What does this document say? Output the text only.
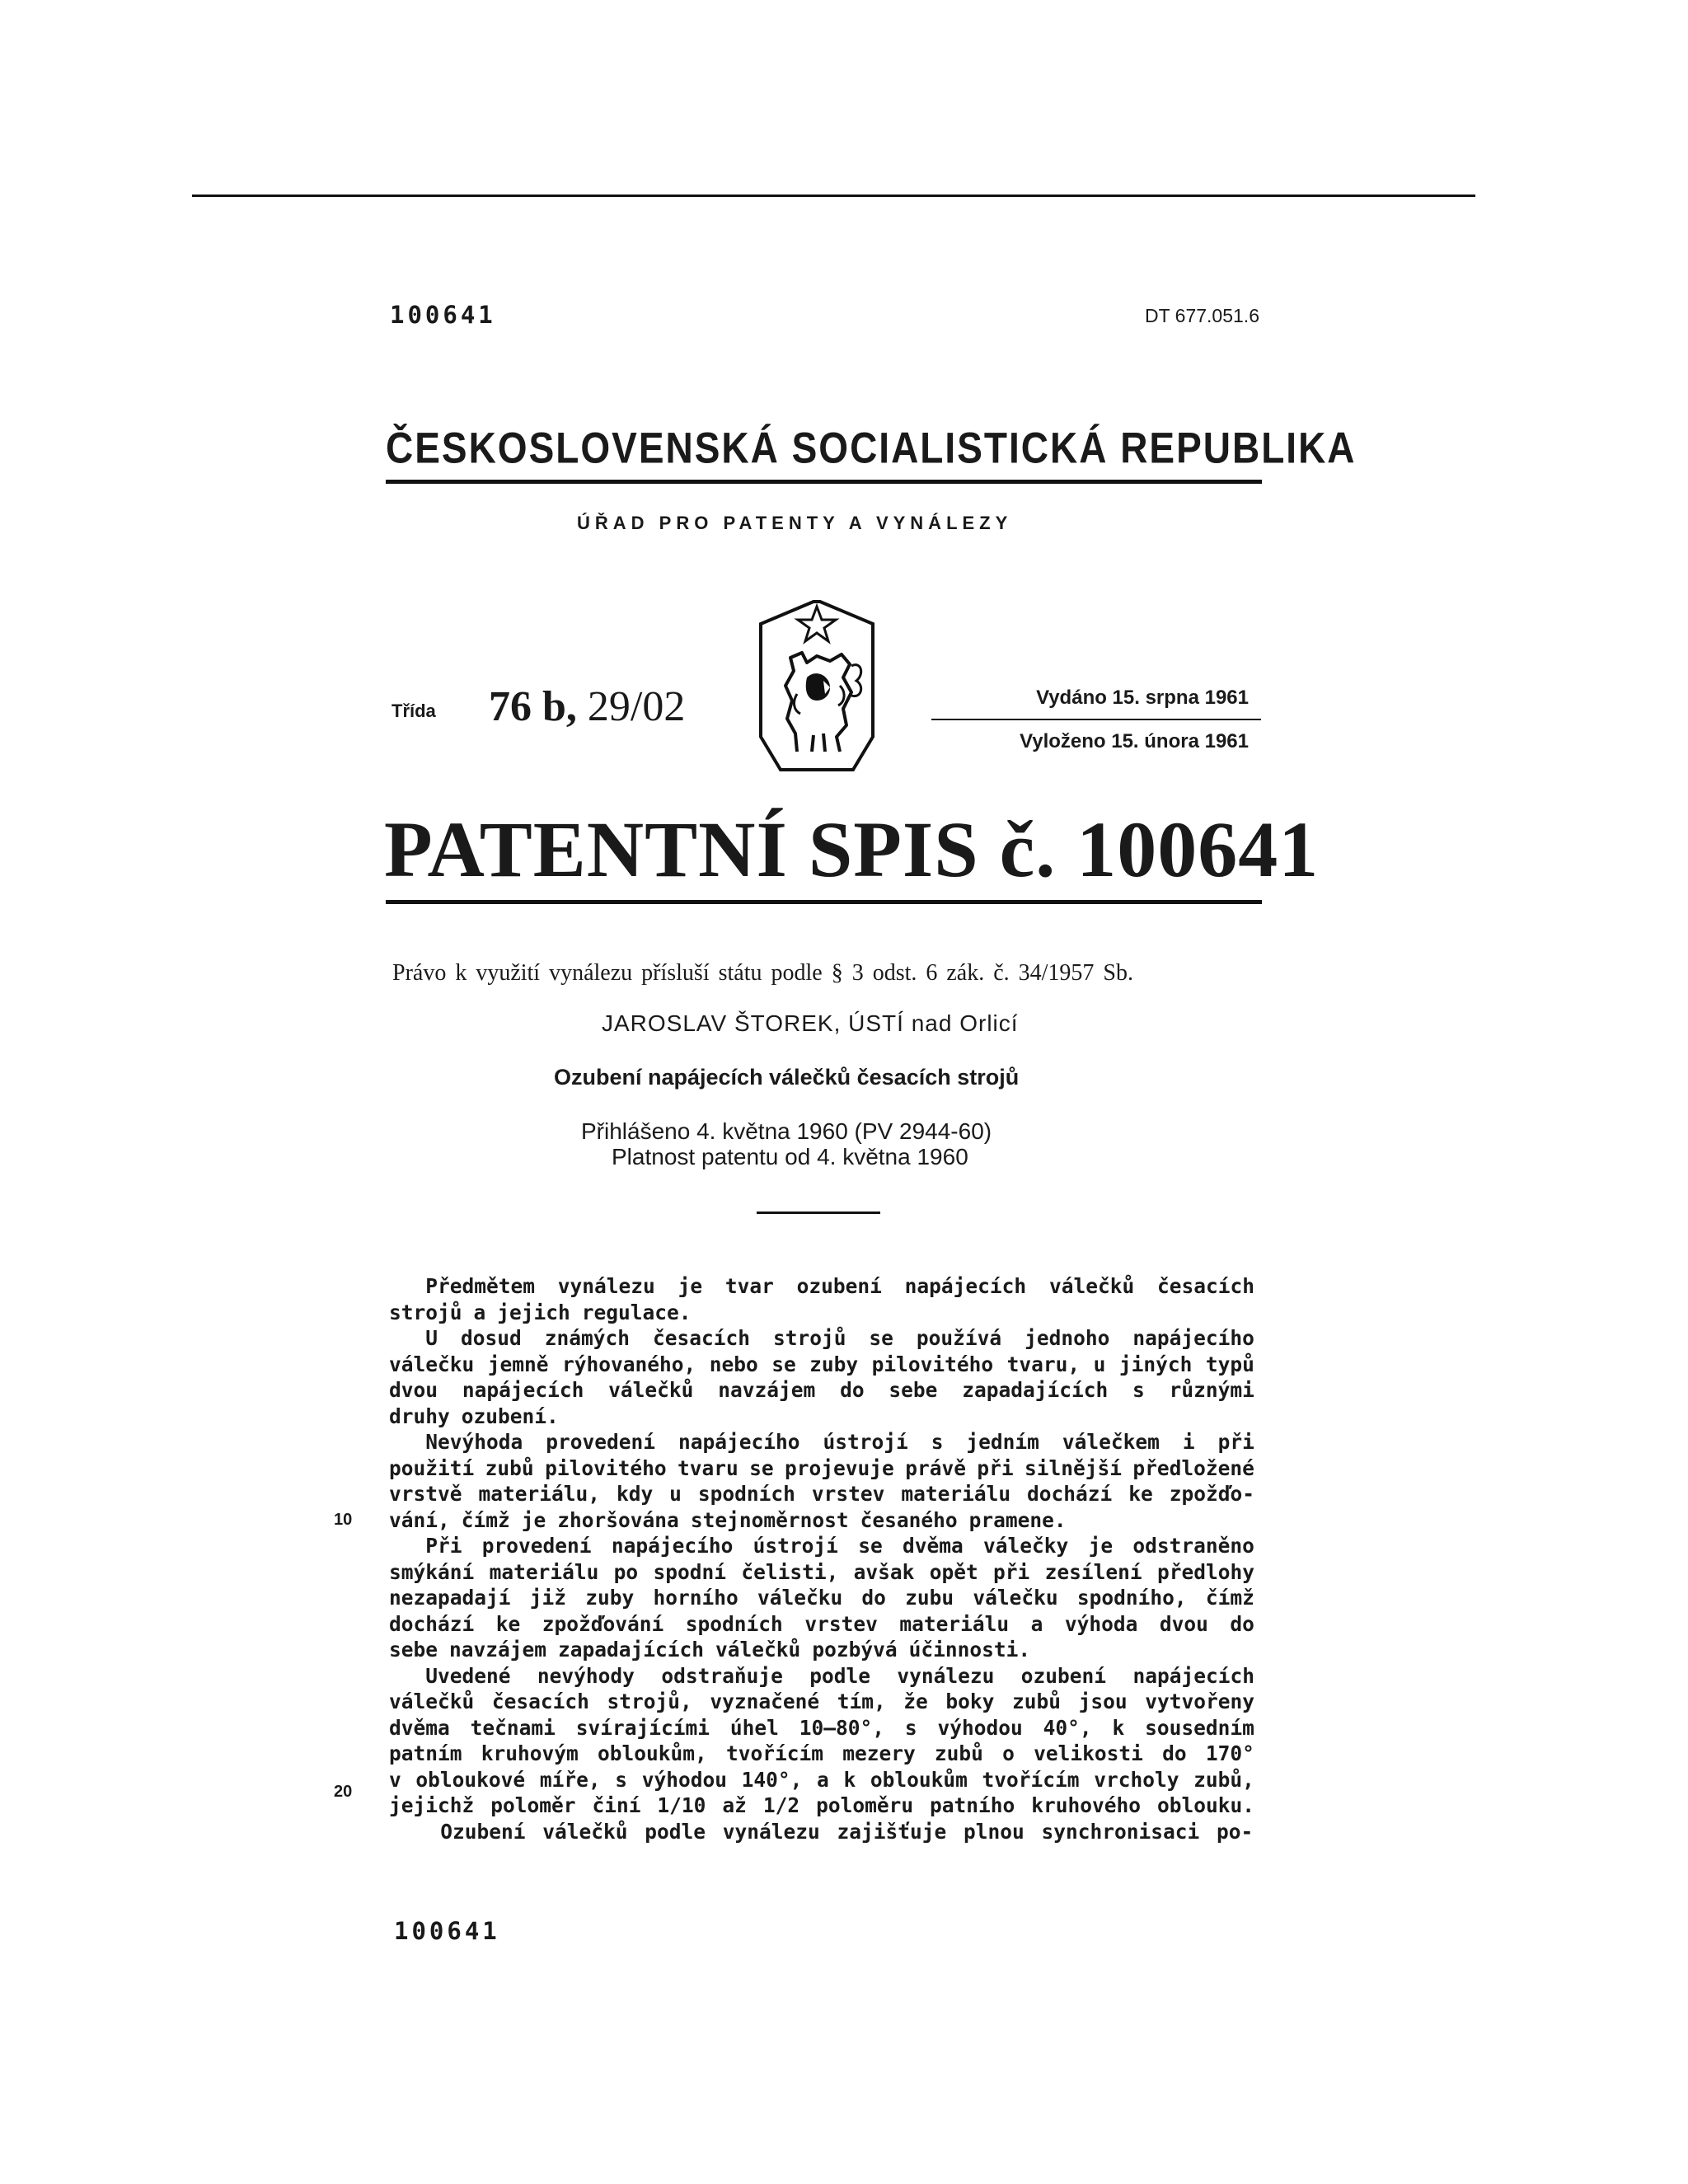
100641	DT 677.051.6
ČESKOSLOVENSKÁ SOCIALISTICKÁ REPUBLIKA
ÚŘAD PRO PATENTY A VYNÁLEZY
Třída 76 b, 29/02	Vydáno 15. srpna 1961
Vyloženo 15. února 1961
PATENTNÍ SPIS č. 100641
Právo k využití vynálezu přísluší státu podle § 3 odst. 6 zák. č. 34/1957 Sb.
JAROSLAV ŠTOREK, ÚSTÍ nad Orlicí
Ozubení napájecích válečků česacích strojů
Přihlášeno 4. května 1960 (PV 2944-60)
Platnost patentu od 4. května 1960
Předmětem vynálezu je tvar ozubení napájecích válečků česacích
strojů a jejich regulace.
U dosud známých česacích strojů se používá jednoho napájecího
válečku jemně rýhovaného, nebo se zuby pilovitého tvaru, u jiných typů
dvou napájecích válečků navzájem do sebe zapadajících s různými
druhy ozubení.
Nevýhoda provedení napájecího ústrojí s jedním válečkem i při
použití zubů pilovitého tvaru se projevuje právě při silnější předložené
vrstvě materiálu, kdy u spodních vrstev materiálu dochází ke zpožďo-
vání, čímž je zhoršována stejnoměrnost česaného pramene.
Při provedení napájecího ústrojí se dvěma válečky je odstraněno
smýkání materiálu po spodní čelisti, avšak opět při zesílení předlohy
nezapadají již zuby horního válečku do zubu válečku spodního, čímž
dochází ke zpožďování spodních vrstev materiálu a výhoda dvou do
sebe navzájem zapadajících válečků pozbývá účinnosti.
Uvedené nevýhody odstraňuje podle vynálezu ozubení napájecích
válečků česacích strojů, vyznačené tím, že boky zubů jsou vytvořeny
dvěma tečnami svírajícími úhel 10—80°, s výhodou 40°, k sousedním
patním kruhovým obloukům, tvořícím mezery zubů o velikosti do 170°
v obloukové míře, s výhodou 140°, a k obloukům tvořícím vrcholy zubů,
jejichž poloměr činí 1/10 až 1/2 poloměru patního kruhového oblouku.
Ozubení válečků podle vynálezu zajišťuje plnou synchronisaci po-
10
20
100641
